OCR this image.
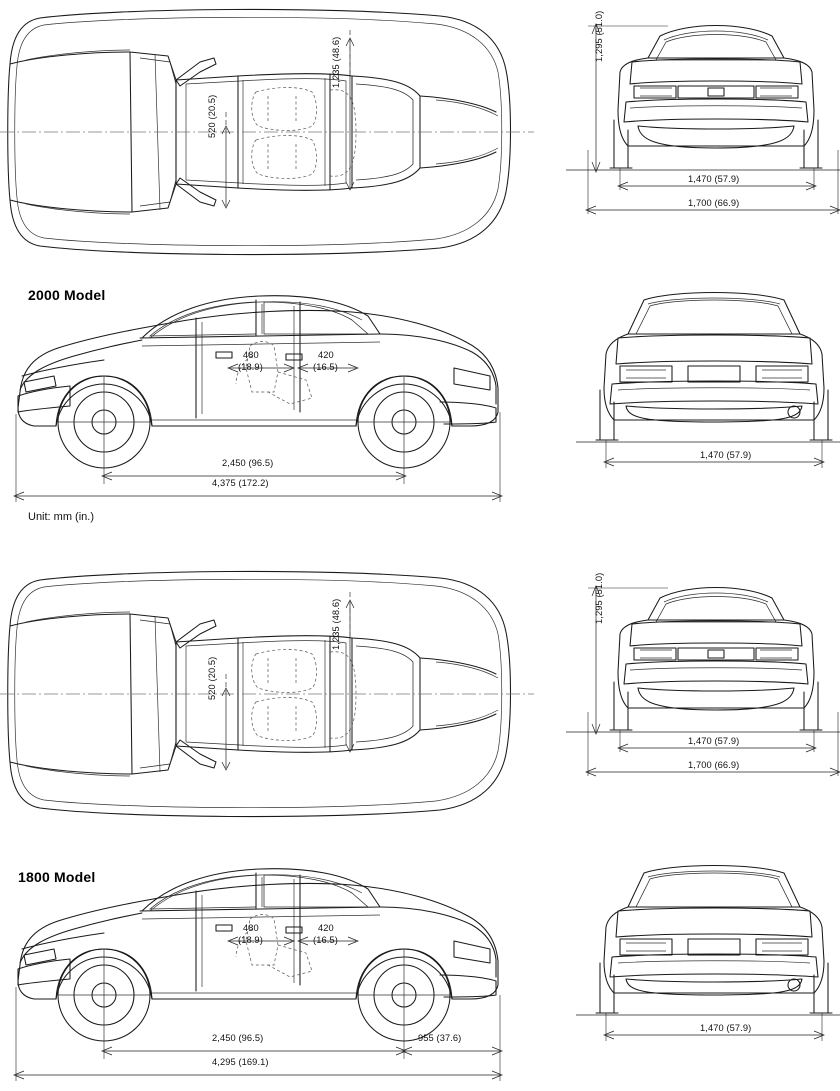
1,235 (48.6)
520 (20.5)
1,295 (51.0)
1,470 (57.9)
1,700 (66.9)
480
(18.9)
420
(16.5)
2,450 (96.5)
4,375 (172.2)
2000 Model
Unit: mm (in.)
1,470 (57.9)
1,235 (48.6)
520 (20.5)
1,295 (51.0)
1,470 (57.9)
1,700 (66.9)
480
(18.9)
420
(16.5)
2,450 (96.5)	955 (37.6)
4,295 (169.1)
1800 Model
1,470 (57.9)
